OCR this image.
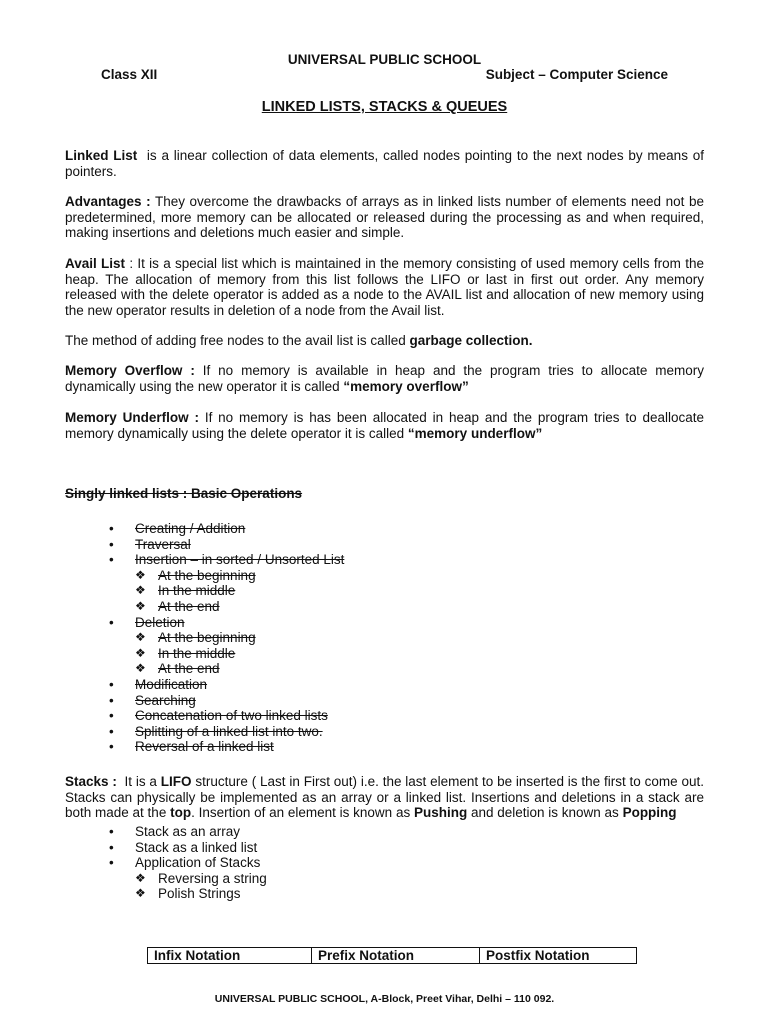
UNIVERSAL PUBLIC SCHOOL
Class XII	Subject – Computer Science
LINKED LISTS, STACKS & QUEUES

Linked List  is a linear collection of data elements, called nodes pointing to the next nodes by means of pointers.

Advantages : They overcome the drawbacks of arrays as in linked lists number of elements need not be predetermined, more memory can be allocated or released during the processing as and when required, making insertions and deletions much easier and simple.

Avail List : It is a special list which is maintained in the memory consisting of used memory cells from the heap. The allocation of memory from this list follows the LIFO or last in first out order. Any memory released with the delete operator is added as a node to the AVAIL list and allocation of new memory using the new operator results in deletion of a node from the Avail list.

The method of adding free nodes to the avail list is called garbage collection.

Memory Overflow : If no memory is available in heap and the program tries to allocate memory dynamically using the new operator it is called “memory overflow”

Memory Underflow : If no memory is has been allocated in heap and the program tries to deallocate memory dynamically using the delete operator it is called “memory underflow”

Singly linked lists : Basic Operations

• Creating / Addition
• Traversal
• Insertion – in sorted / Unsorted List
❖ At the beginning
❖ In the middle
❖ At the end
• Deletion
❖ At the beginning
❖ In the middle
❖ At the end
• Modification
• Searching
• Concatenation of two linked lists
• Splitting of a linked list into two.
• Reversal of a linked list

Stacks :  It is a LIFO structure ( Last in First out) i.e. the last element to be inserted is the first to come out. Stacks can physically be implemented as an array or a linked list. Insertions and deletions in a stack are both made at the top. Insertion of an element is known as Pushing and deletion is known as Popping

• Stack as an array
• Stack as a linked list
• Application of Stacks
❖ Reversing a string
❖ Polish Strings
Infix Notation	Prefix Notation	Postfix Notation
UNIVERSAL PUBLIC SCHOOL, A-Block, Preet Vihar, Delhi – 110 092.
